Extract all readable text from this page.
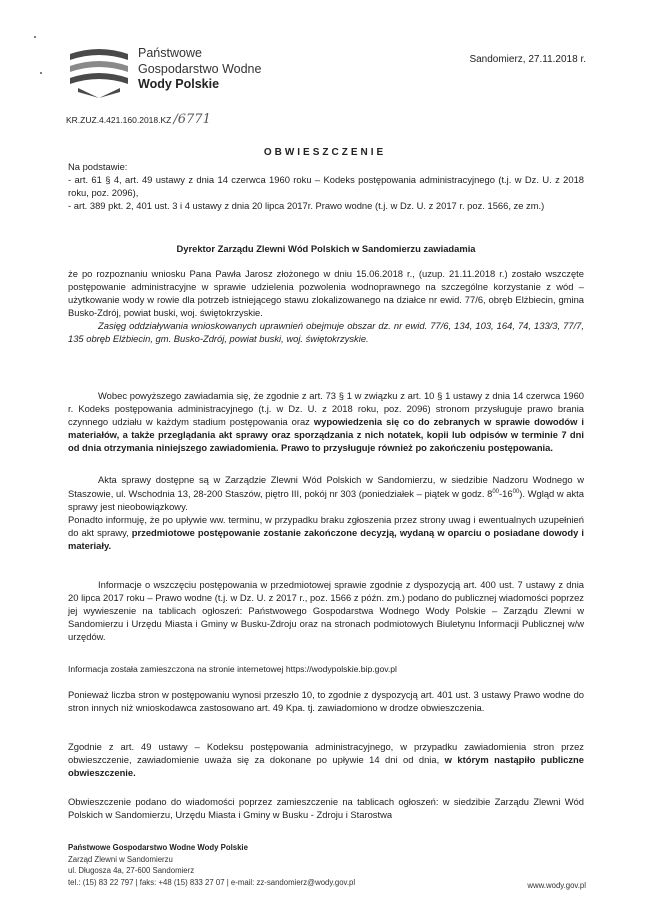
Państwowe
Gospodarstwo Wodne
Wody Polskie
Sandomierz, 27.11.2018 r.
KR.ZUZ.4.421.160.2018.KZ /6771
OBWIESZCZENIE

Na podstawie:

- art. 61 § 4, art. 49 ustawy z dnia 14 czerwca 1960 roku – Kodeks postępowania administracyjnego (t.j. w Dz. U. z 2018 roku, poz. 2096),

- art. 389 pkt. 2, 401 ust. 3 i 4 ustawy z dnia 20 lipca 2017r. Prawo wodne (t.j. w Dz. U. z 2017 r. poz. 1566, ze zm.)

Dyrektor Zarządu Zlewni Wód Polskich w Sandomierzu zawiadamia

że po rozpoznaniu wniosku Pana Pawła Jarosz złożonego w dniu 15.06.2018 r., (uzup. 21.11.2018 r.) zostało wszczęte postępowanie administracyjne w sprawie udzielenia pozwolenia wodnoprawnego na szczególne korzystanie z wód – użytkowanie wody w rowie dla potrzeb istniejącego stawu zlokalizowanego na działce nr ewid. 77/6, obręb Elżbiecin, gmina Busko-Zdrój, powiat buski, woj. świętokrzyskie.

Zasięg oddziaływania wnioskowanych uprawnień obejmuje obszar dz. nr ewid. 77/6, 134, 103, 164, 74, 133/3, 77/7, 135 obręb Elżbiecin, gm. Busko-Zdrój, powiat buski, woj. świętokrzyskie.

Wobec powyższego zawiadamia się, że zgodnie z art. 73 § 1 w związku z art. 10 § 1 ustawy z dnia 14 czerwca 1960 r. Kodeks postępowania administracyjnego (t.j. w Dz. U. z 2018 roku, poz. 2096) stronom przysługuje prawo brania czynnego udziału w każdym stadium postępowania oraz wypowiedzenia się co do zebranych w sprawie dowodów i materiałów, a także przeglądania akt sprawy oraz sporządzania z nich notatek, kopii lub odpisów w terminie 7 dni od dnia otrzymania niniejszego zawiadomienia. Prawo to przysługuje również po zakończeniu postępowania.

Akta sprawy dostępne są w Zarządzie Zlewni Wód Polskich w Sandomierzu, w siedzibie Nadzoru Wodnego w Staszowie, ul. Wschodnia 13, 28-200 Staszów, piętro III, pokój nr 303 (poniedziałek – piątek w godz. $8^{00}-16^{00}$). Wgląd w akta sprawy jest nieobowiązkowy.

Ponadto informuję, że po upływie ww. terminu, w przypadku braku zgłoszenia przez strony uwag i ewentualnych uzupełnień do akt sprawy, przedmiotowe postępowanie zostanie zakończone decyzją, wydaną w oparciu o posiadane dowody i materiały.

Informacje o wszczęciu postępowania w przedmiotowej sprawie zgodnie z dyspozycją art. 400 ust. 7 ustawy z dnia 20 lipca 2017 roku – Prawo wodne (t.j. w Dz. U. z 2017 r., poz. 1566 z późn. zm.) podano do publicznej wiadomości poprzez jej wywieszenie na tablicach ogłoszeń: Państwowego Gospodarstwa Wodnego Wody Polskie – Zarządu Zlewni w Sandomierzu i Urzędu Miasta i Gminy w Busku-Zdroju oraz na stronach podmiotowych Biuletynu Informacji Publicznej w/w urzędów.

Informacja została zamieszczona na stronie internetowej https://wodypolskie.bip.gov.pl

Ponieważ liczba stron w postępowaniu wynosi przeszło 10, to zgodnie z dyspozycją art. 401 ust. 3 ustawy Prawo wodne do stron innych niż wnioskodawca zastosowano art. 49 Kpa. tj. zawiadomiono w drodze obwieszczenia.

Zgodnie z art. 49 ustawy – Kodeksu postępowania administracyjnego, w przypadku zawiadomienia stron przez obwieszczenie, zawiadomienie uważa się za dokonane po upływie 14 dni od dnia, w którym nastąpiło publiczne obwieszczenie.

Obwieszczenie podano do wiadomości poprzez zamieszczenie na tablicach ogłoszeń: w siedzibie Zarządu Zlewni Wód Polskich w Sandomierzu, Urzędu Miasta i Gminy w Busku - Zdroju i Starostwa

Państwowe Gospodarstwo Wodne Wody Polskie
Zarząd Zlewni w Sandomierzu
ul. Długosza 4a, 27-600 Sandomierz
tel.: (15) 83 22 797 | faks: +48 (15) 833 27 07 | e-mail: zz-sandomierz@wody.gov.pl	www.wody.gov.pl
